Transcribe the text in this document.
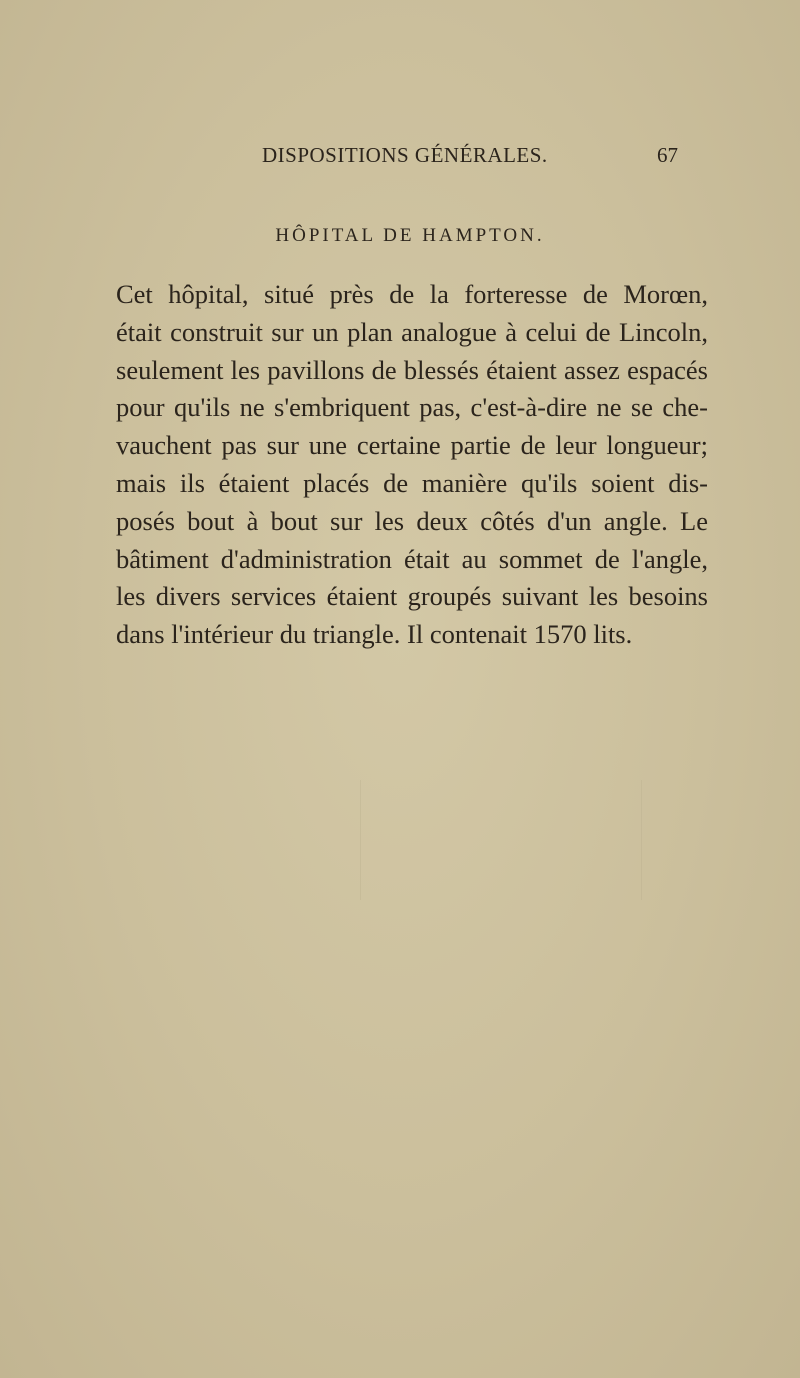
DISPOSITIONS GÉNÉRALES.	67
HÔPITAL DE HAMPTON.
Cet hôpital, situé près de la forteresse de Morœn,
était construit sur un plan analogue à celui de Lincoln,
seulement les pavillons de blessés étaient assez espacés
pour qu'ils ne s'embriquent pas, c'est-à-dire ne se che-
vauchent pas sur une certaine partie de leur longueur;
mais ils étaient placés de manière qu'ils soient dis-
posés bout à bout sur les deux côtés d'un angle. Le
bâtiment d'administration était au sommet de l'angle,
les divers services étaient groupés suivant les besoins
dans l'intérieur du triangle. Il contenait 1570 lits.
